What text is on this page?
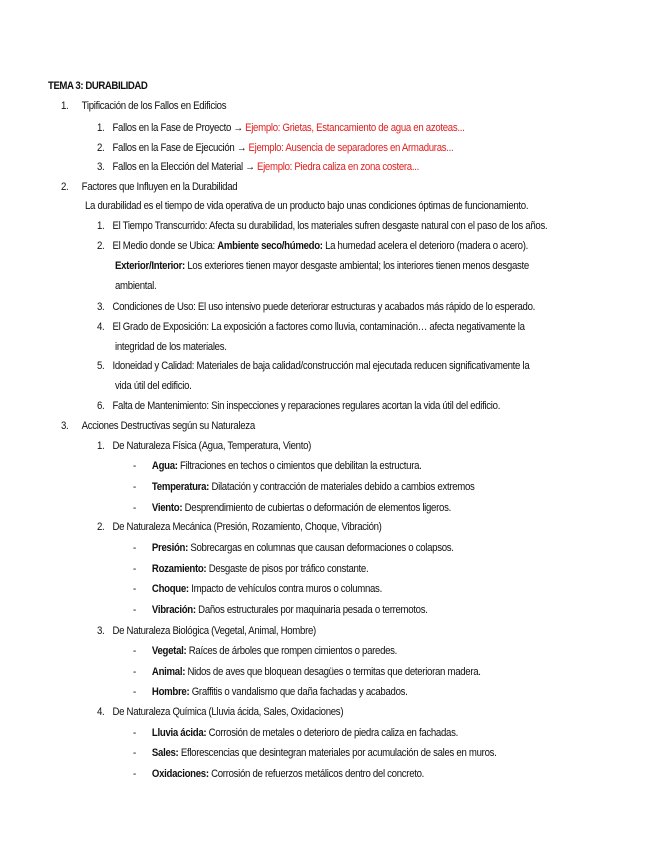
TEMA 3: DURABILIDAD
1. Tipificación de los Fallos en Edificios
1. Fallos en la Fase de Proyecto → Ejemplo: Grietas, Estancamiento de agua en azoteas...
2. Fallos en la Fase de Ejecución → Ejemplo: Ausencia de separadores en Armaduras...
3. Fallos en la Elección del Material → Ejemplo: Piedra caliza en zona costera...
2. Factores que Influyen en la Durabilidad
La durabilidad es el tiempo de vida operativa de un producto bajo unas condiciones óptimas de funcionamiento.
1. El Tiempo Transcurrido: Afecta su durabilidad, los materiales sufren desgaste natural con el paso de los años.
2. El Medio donde se Ubica: Ambiente seco/húmedo: La humedad acelera el deterioro (madera o acero).
Exterior/Interior: Los exteriores tienen mayor desgaste ambiental; los interiores tienen menos desgaste
ambiental.
3. Condiciones de Uso: El uso intensivo puede deteriorar estructuras y acabados más rápido de lo esperado.
4. El Grado de Exposición: La exposición a factores como lluvia, contaminación… afecta negativamente la
integridad de los materiales.
5. Idoneidad y Calidad: Materiales de baja calidad/construcción mal ejecutada reducen significativamente la
vida útil del edificio.
6. Falta de Mantenimiento: Sin inspecciones y reparaciones regulares acortan la vida útil del edificio.
3. Acciones Destructivas según su Naturaleza
1. De Naturaleza Física (Agua, Temperatura, Viento)
- Agua: Filtraciones en techos o cimientos que debilitan la estructura.
- Temperatura: Dilatación y contracción de materiales debido a cambios extremos
- Viento: Desprendimiento de cubiertas o deformación de elementos ligeros.
2. De Naturaleza Mecánica (Presión, Rozamiento, Choque, Vibración)
- Presión: Sobrecargas en columnas que causan deformaciones o colapsos.
- Rozamiento: Desgaste de pisos por tráfico constante.
- Choque: Impacto de vehículos contra muros o columnas.
- Vibración: Daños estructurales por maquinaria pesada o terremotos.
3. De Naturaleza Biológica (Vegetal, Animal, Hombre)
- Vegetal: Raíces de árboles que rompen cimientos o paredes.
- Animal: Nidos de aves que bloquean desagües o termitas que deterioran madera.
- Hombre: Graffitis o vandalismo que daña fachadas y acabados.
4. De Naturaleza Química (Lluvia ácida, Sales, Oxidaciones)
- Lluvia ácida: Corrosión de metales o deterioro de piedra caliza en fachadas.
- Sales: Eflorescencias que desintegran materiales por acumulación de sales en muros.
- Oxidaciones: Corrosión de refuerzos metálicos dentro del concreto.
